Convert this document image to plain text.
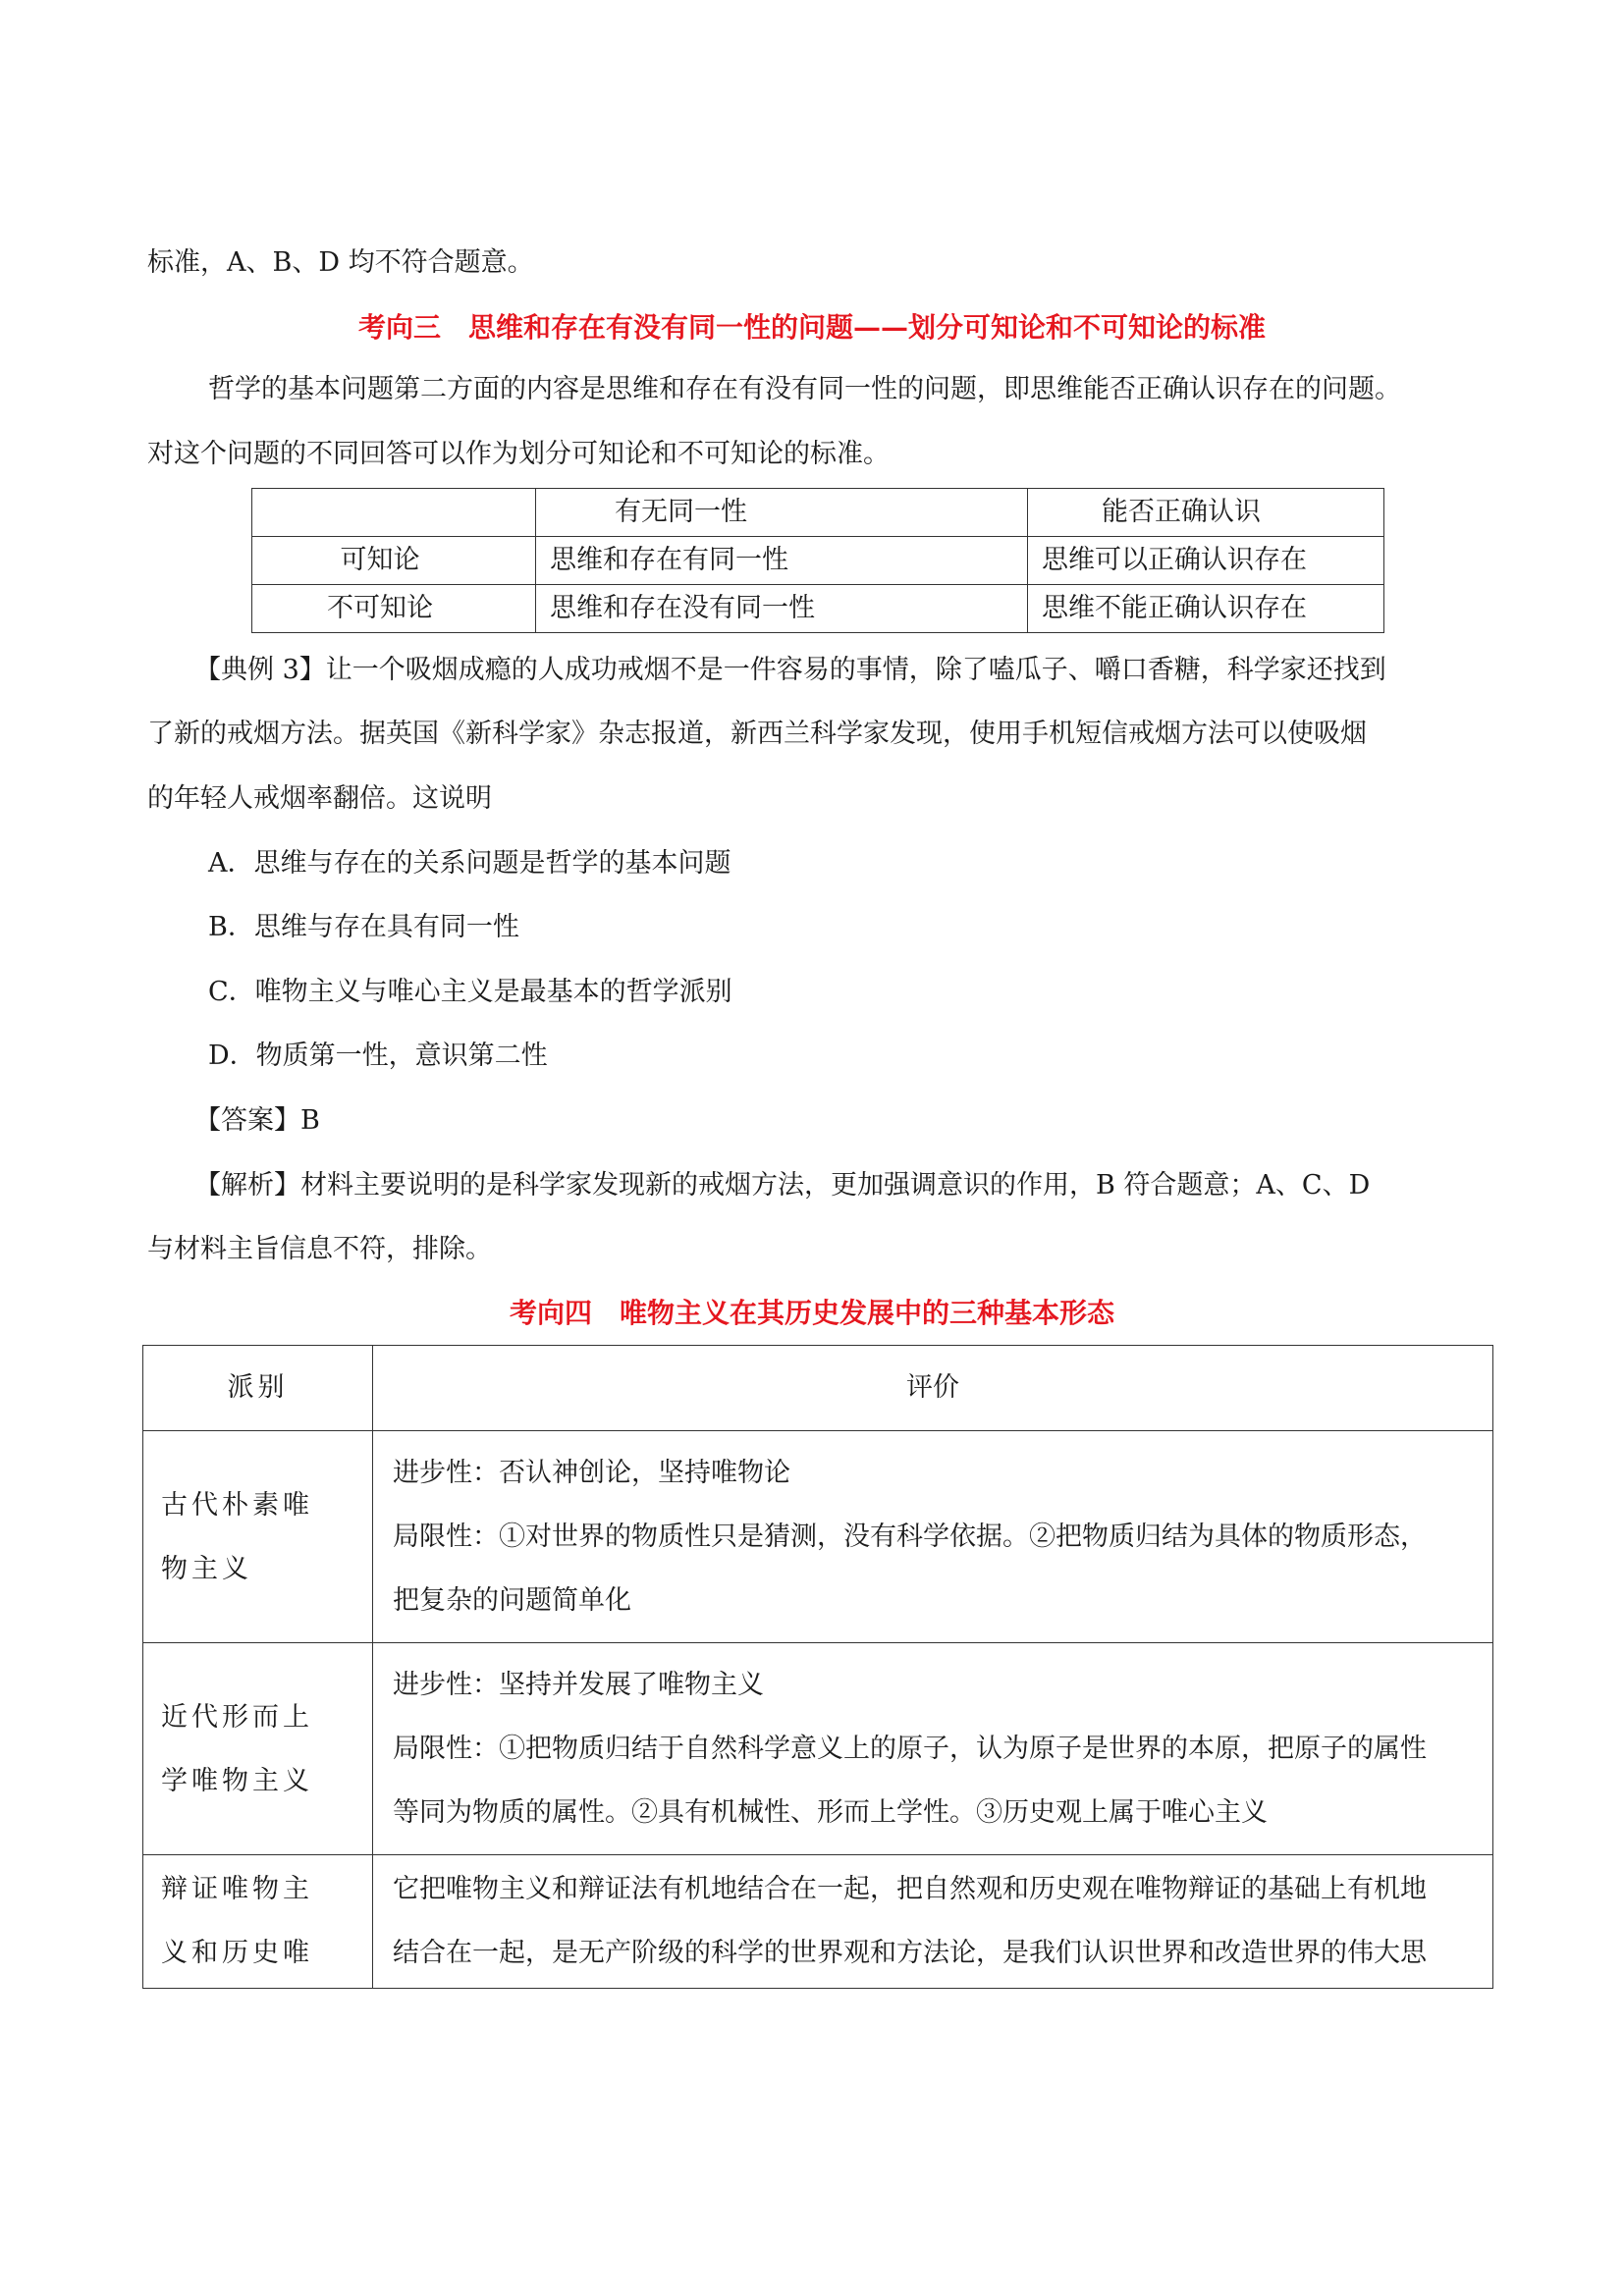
标准，A、B、D 均不符合题意。
考向三　思维和存在有没有同一性的问题——划分可知论和不可知论的标准
哲学的基本问题第二方面的内容是思维和存在有没有同一性的问题，即思维能否正确认识存在的问题。
对这个问题的不同回答可以作为划分可知论和不可知论的标准。
	有无同一性	能否正确认识
可知论	思维和存在有同一性	思维可以正确认识存在
不可知论	思维和存在没有同一性	思维不能正确认识存在
【典例 3】让一个吸烟成瘾的人成功戒烟不是一件容易的事情，除了嗑瓜子、嚼口香糖，科学家还找到
了新的戒烟方法。据英国《新科学家》杂志报道，新西兰科学家发现，使用手机短信戒烟方法可以使吸烟
的年轻人戒烟率翻倍。这说明
A．思维与存在的关系问题是哲学的基本问题
B．思维与存在具有同一性
C．唯物主义与唯心主义是最基本的哲学派别
D．物质第一性，意识第二性
【答案】B
【解析】材料主要说明的是科学家发现新的戒烟方法，更加强调意识的作用，B 符合题意；A、C、D
与材料主旨信息不符，排除。
考向四　唯物主义在其历史发展中的三种基本形态
派别	评价

古代朴素唯
物主义	进步性：否认神创论，坚持唯物论
局限性：①对世界的物质性只是猜测，没有科学依据。②把物质归结为具体的物质形态，
把复杂的问题简单化

近代形而上
学唯物主义	进步性：坚持并发展了唯物主义
局限性：①把物质归结于自然科学意义上的原子，认为原子是世界的本原，把原子的属性
等同为物质的属性。②具有机械性、形而上学性。③历史观上属于唯心主义

辩证唯物主
义和历史唯	它把唯物主义和辩证法有机地结合在一起，把自然观和历史观在唯物辩证的基础上有机地
结合在一起，是无产阶级的科学的世界观和方法论，是我们认识世界和改造世界的伟大思
